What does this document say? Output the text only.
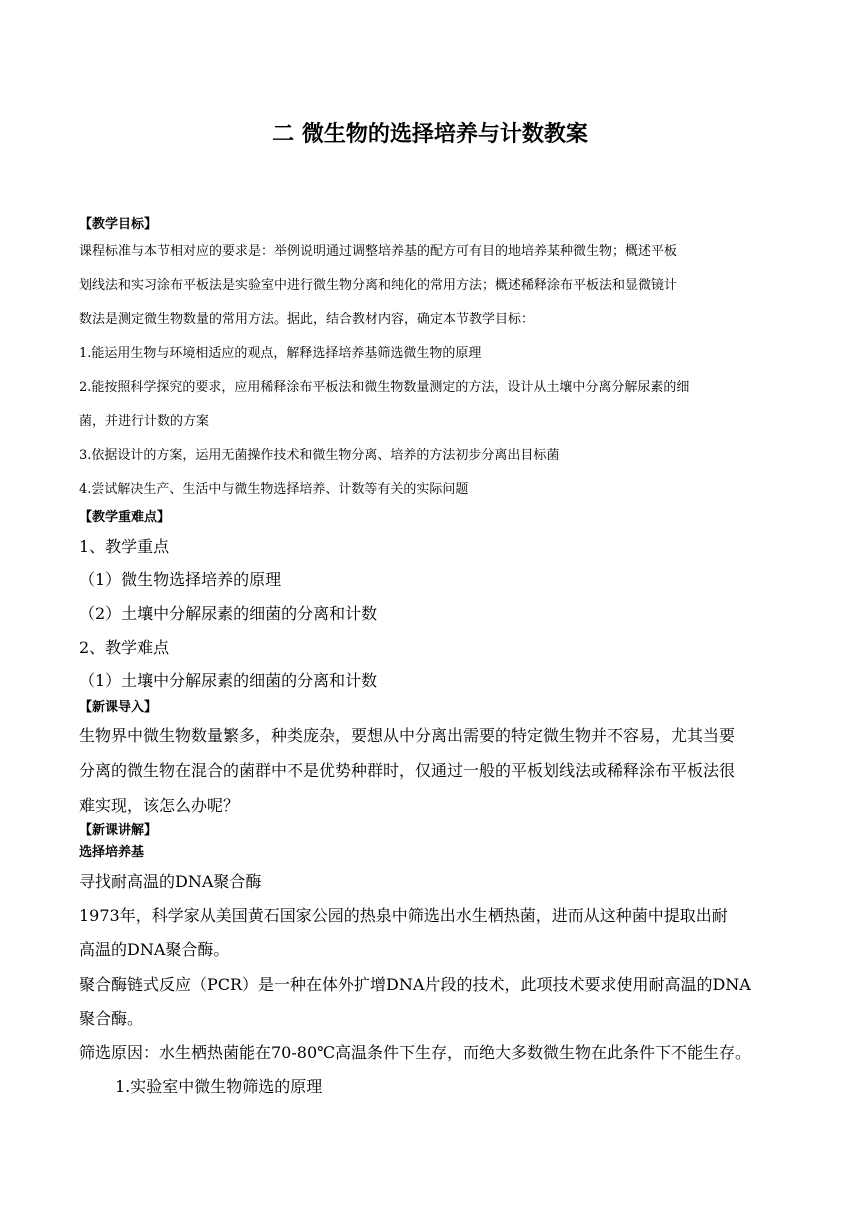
二 微生物的选择培养与计数教案
【教学目标】
课程标准与本节相对应的要求是：举例说明通过调整培养基的配方可有目的地培养某种微生物；概述平板
划线法和实习涂布平板法是实验室中进行微生物分离和纯化的常用方法；概述稀释涂布平板法和显微镜计
数法是测定微生物数量的常用方法。据此，结合教材内容，确定本节教学目标：
1.能运用生物与环境相适应的观点，解释选择培养基筛选微生物的原理
2.能按照科学探究的要求，应用稀释涂布平板法和微生物数量测定的方法，设计从土壤中分离分解尿素的细
菌，并进行计数的方案
3.依据设计的方案，运用无菌操作技术和微生物分离、培养的方法初步分离出目标菌
4.尝试解决生产、生活中与微生物选择培养、计数等有关的实际问题
【教学重难点】
1、教学重点
（1）微生物选择培养的原理
（2）土壤中分解尿素的细菌的分离和计数
2、教学难点
（1）土壤中分解尿素的细菌的分离和计数
【新课导入】
生物界中微生物数量繁多，种类庞杂，要想从中分离出需要的特定微生物并不容易，尤其当要
分离的微生物在混合的菌群中不是优势种群时，仅通过一般的平板划线法或稀释涂布平板法很
难实现，该怎么办呢？
【新课讲解】
选择培养基
寻找耐高温的DNA聚合酶
1973年，科学家从美国黄石国家公园的热泉中筛选出水生栖热菌，进而从这种菌中提取出耐
高温的DNA聚合酶。
聚合酶链式反应（PCR）是一种在体外扩增DNA片段的技术，此项技术要求使用耐高温的DNA
聚合酶。
筛选原因：水生栖热菌能在70-80℃高温条件下生存，而绝大多数微生物在此条件下不能生存。
1.实验室中微生物筛选的原理
